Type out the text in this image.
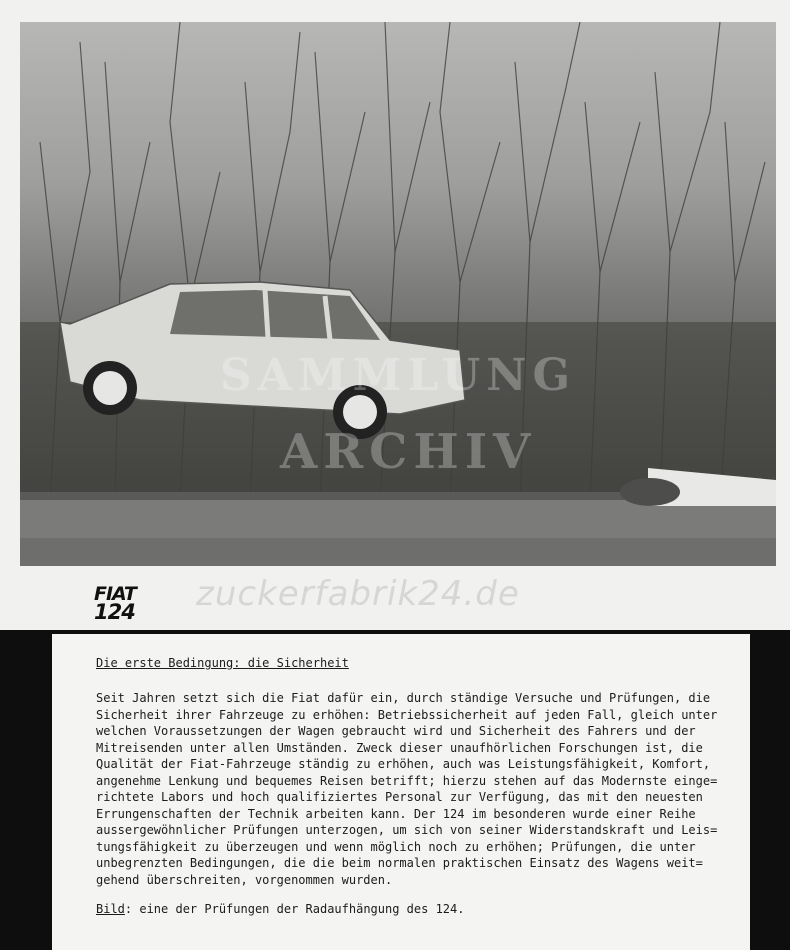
SAMMLUNG
ARCHIV
FIAT
124 zuckerfabrik24.de
Die erste Bedingung: die Sicherheit
Seit Jahren setzt sich die Fiat dafür ein, durch ständige Versuche und Prüfungen, die
Sicherheit ihrer Fahrzeuge zu erhöhen: Betriebssicherheit auf jeden Fall, gleich unter
welchen Voraussetzungen der Wagen gebraucht wird und Sicherheit des Fahrers und der
Mitreisenden unter allen Umständen. Zweck dieser unaufhörlichen Forschungen ist, die
Qualität der Fiat-Fahrzeuge ständig zu erhöhen, auch was Leistungsfähigkeit, Komfort,
angenehme Lenkung und bequemes Reisen betrifft; hierzu stehen auf das Modernste einge=
richtete Labors und hoch qualifiziertes Personal zur Verfügung, das mit den neuesten
Errungenschaften der Technik arbeiten kann. Der 124 im besonderen wurde einer Reihe
aussergewöhnlicher Prüfungen unterzogen, um sich von seiner Widerstandskraft und Leis=
tungsfähigkeit zu überzeugen und wenn möglich noch zu erhöhen; Prüfungen, die unter
unbegrenzten Bedingungen, die die beim normalen praktischen Einsatz des Wagens weit=
gehend überschreiten, vorgenommen wurden.
Bild: eine der Prüfungen der Radaufhängung des 124.
